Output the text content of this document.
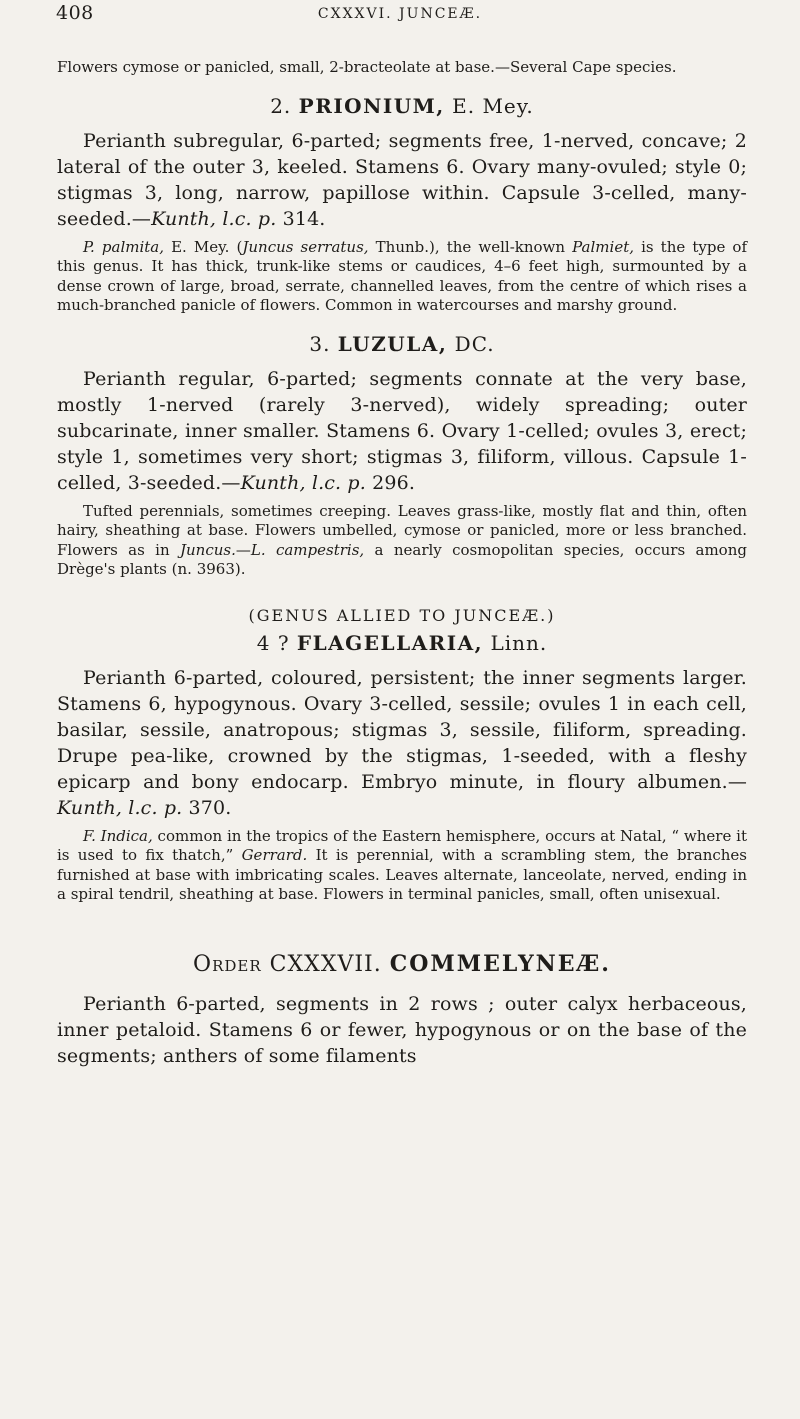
408	CXXXVI. JUNCEÆ.

Flowers cymose or panicled, small, 2-bracteolate at base.—Several Cape species.

2. PRIONIUM, E. Mey.

Perianth subregular, 6-parted; segments free, 1-nerved, concave; 2 lateral of the outer 3, keeled. Stamens 6. Ovary many-ovuled; style 0; stigmas 3, long, narrow, papillose within. Capsule 3-celled, many-seeded.—Kunth, l.c. p. 314.

P. palmita, E. Mey. (Juncus serratus, Thunb.), the well-known Palmiet, is the type of this genus. It has thick, trunk-like stems or caudices, 4–6 feet high, surmounted by a dense crown of large, broad, serrate, channelled leaves, from the centre of which rises a much-branched panicle of flowers. Common in watercourses and marshy ground.

3. LUZULA, DC.

Perianth regular, 6-parted; segments connate at the very base, mostly 1-nerved (rarely 3-nerved), widely spreading; outer subcarinate, inner smaller. Stamens 6. Ovary 1-celled; ovules 3, erect; style 1, sometimes very short; stigmas 3, filiform, villous. Capsule 1-celled, 3-seeded.—Kunth, l.c. p. 296.

Tufted perennials, sometimes creeping. Leaves grass-like, mostly flat and thin, often hairy, sheathing at base. Flowers umbelled, cymose or panicled, more or less branched. Flowers as in Juncus.—L. campestris, a nearly cosmopolitan species, occurs among Drège's plants (n. 3963).

(GENUS ALLIED TO JUNCEÆ.)
4 ? FLAGELLARIA, Linn.

Perianth 6-parted, coloured, persistent; the inner segments larger. Stamens 6, hypogynous. Ovary 3-celled, sessile; ovules 1 in each cell, basilar, sessile, anatropous; stigmas 3, sessile, filiform, spreading. Drupe pea-like, crowned by the stigmas, 1-seeded, with a fleshy epicarp and bony endocarp. Embryo minute, in floury albumen.—Kunth, l.c. p. 370.

F. Indica, common in the tropics of the Eastern hemisphere, occurs at Natal, “ where it is used to fix thatch,” Gerrard. It is perennial, with a scrambling stem, the branches furnished at base with imbricating scales. Leaves alternate, lanceolate, nerved, ending in a spiral tendril, sheathing at base. Flowers in terminal panicles, small, often unisexual.

Order CXXXVII. COMMELYNEÆ.

Perianth 6-parted, segments in 2 rows ; outer calyx herbaceous, inner petaloid. Stamens 6 or fewer, hypogynous or on the base of the segments; anthers of some filaments
